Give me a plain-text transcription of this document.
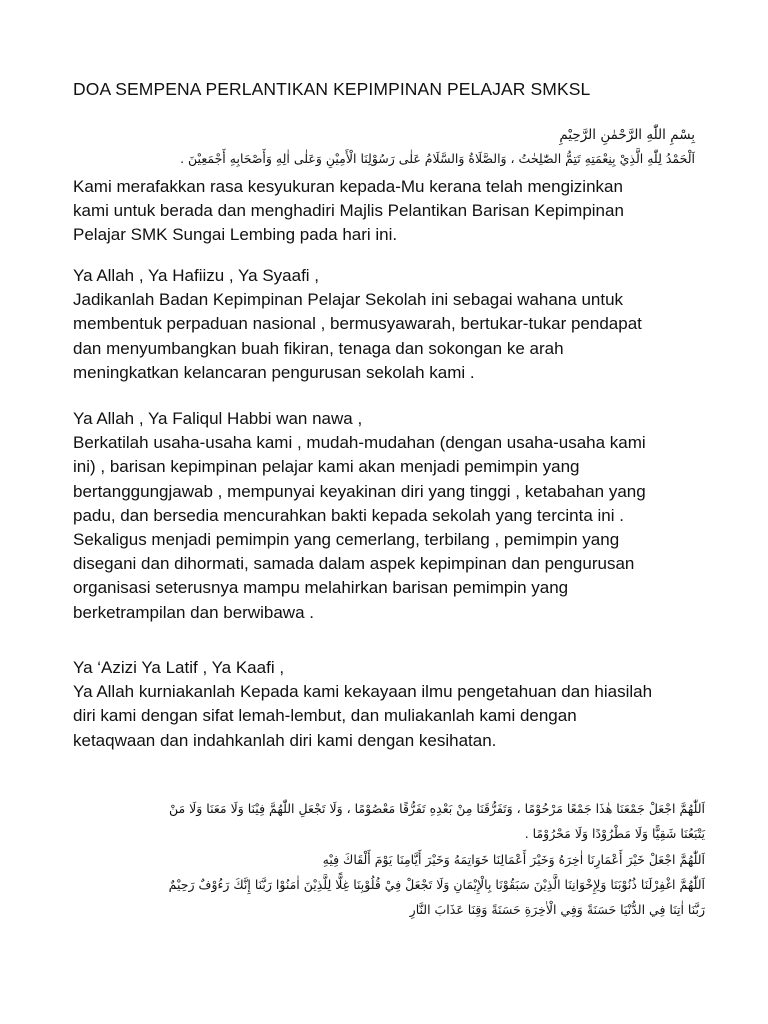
DOA SEMPENA PERLANTIKAN KEPIMPINAN PELAJAR SMKSL
بِسْمِ اللّٰهِ الرَّحْمٰنِ الرَّحِيْمِ
اَلْحَمْدُ لِلّٰهِ الَّذِيْ بِنِعْمَتِهِ تَتِمُّ الصّٰلِحٰتُ ، وَالصَّلَاةُ وَالسَّلَامُ عَلٰى رَسُوْلِنَا الْأَمِيْنِ وَعَلٰى اٰلِهِ وَأَصْحَابِهِ أَجْمَعِيْنَ .
Kami merafakkan rasa kesyukuran kepada-Mu kerana telah mengizinkan
kami untuk berada dan menghadiri Majlis Pelantikan Barisan Kepimpinan
Pelajar SMK Sungai Lembing pada hari ini.
Ya Allah , Ya Hafiizu , Ya Syaafi ,
Jadikanlah Badan Kepimpinan Pelajar Sekolah ini sebagai wahana untuk
membentuk perpaduan nasional , bermusyawarah, bertukar-tukar pendapat
dan menyumbangkan buah fikiran, tenaga dan sokongan ke arah
meningkatkan kelancaran pengurusan sekolah kami .
Ya Allah , Ya Faliqul Habbi wan nawa ,
Berkatilah usaha-usaha kami , mudah-mudahan (dengan usaha-usaha kami
ini) , barisan kepimpinan pelajar kami akan menjadi pemimpin yang
bertanggungjawab , mempunyai keyakinan diri yang tinggi , ketabahan yang
padu, dan bersedia mencurahkan bakti kepada sekolah yang tercinta ini .
Sekaligus menjadi pemimpin yang cemerlang, terbilang , pemimpin yang
disegani dan dihormati, samada dalam aspek kepimpinan dan pengurusan
organisasi seterusnya mampu melahirkan barisan pemimpin yang
berketrampilan dan berwibawa .
Ya ‘Azizi Ya Latif , Ya Kaafi ,
Ya Allah kurniakanlah Kepada kami kekayaan ilmu pengetahuan dan hiasilah
diri kami dengan sifat lemah-lembut, dan muliakanlah kami dengan
ketaqwaan dan indahkanlah diri kami dengan kesihatan.
اَللّٰهُمَّ اجْعَلْ جَمْعَنَا هٰذَا جَمْعًا مَرْحُوْمًا ، وَتَفَرُّقَنَا مِنْ بَعْدِهِ تَفَرُّقًا مَعْصُوْمًا ، وَلَا تَجْعَلِ اللّٰهُمَّ فِيْنَا وَلَا مَعَنَا وَلَا مَنْ
يَتْبَعُنَا شَقِيًّا وَلَا مَطْرُوْدًا وَلَا مَحْرُوْمًا .
اَللّٰهُمَّ اجْعَلْ خَيْرَ أَعْمَارِنَا اٰخِرَهُ وَخَيْرَ أَعْمَالِنَا خَوَاتِمَهُ وَخَيْرَ أَيَّامِنَا يَوْمَ أَلْقَاكَ فِيْهِ
اَللّٰهُمَّ اغْفِرْلَنَا ذُنُوْبَنَا وَلِإِخْوَانِنَا الَّذِيْنَ سَبَقُوْنَا بِالْإِيْمَانِ وَلَا تَجْعَلْ فِيْ قُلُوْبِنَا غِلًّا لِلَّذِيْنَ اٰمَنُوْا رَبَّنَا إِنَّكَ رَءُوْفٌ رَحِيْمٌ
رَبَّنَا اٰتِنَا فِي الدُّنْيَا حَسَنَةً وَفِي الْاٰخِرَةِ حَسَنَةً وَقِنَا عَذَابَ النَّارِ
